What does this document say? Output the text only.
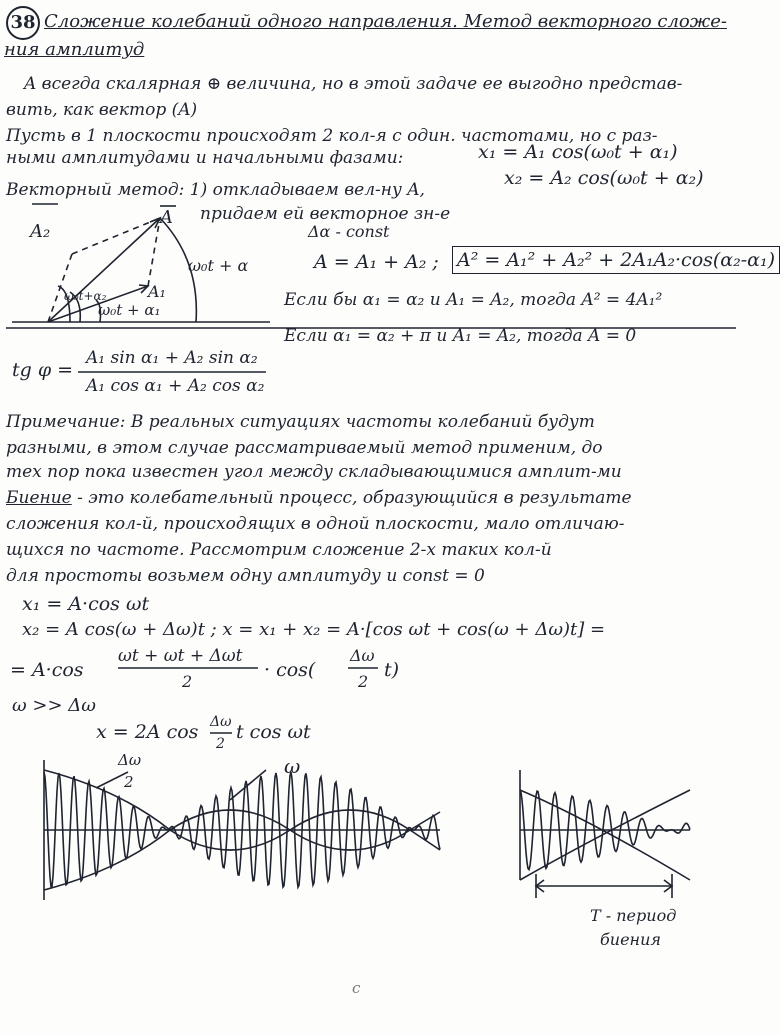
38 Сложение колебаний одного направления. Метод векторного сложе-
ния амплитуд
A всегда скалярная ⊕ величина, но в этой задаче ее выгодно представ-
вить, как вектор (A)
Пусть в 1 плоскости происходят 2 кол-я с один. частотами, но с раз-
ными амплитудами и начальными фазами:	x₁ = A₁ cos(ω₀t + α₁)
x₂ = A₂ cos(ω₀t + α₂)
Векторный метод: 1) откладываем вел-ну A,
придаем ей векторное зн-е
A₂
A
A₁
ω₀t + α
ω₀t+α₂
ω₀t + α₁
Δα - const
A = A₁ + A₂ ; A² = A₁² + A₂² + 2A₁A₂·cos(α₂-α₁)
Если бы α₁ = α₂ и A₁ = A₂, тогда A² = 4A₁²
Если α₁ = α₂ + π и A₁ = A₂, тогда A = 0
tg φ =
A₁ sin α₁ + A₂ sin α₂
A₁ cos α₁ + A₂ cos α₂
Примечание: В реальных ситуациях частоты колебаний будут
разными, в этом случае рассматриваемый метод применим, до
тех пор пока известен угол между складывающимися амплит-ми
Биение - это колебательный процесс, образующийся в результате
сложения кол-й, происходящих в одной плоскости, мало отличаю-
щихся по частоте. Рассмотрим сложение 2-х таких кол-й
для простоты возьмем одну амплитуду и const = 0
x₁ = A·cos ωt
x₂ = A cos(ω + Δω)t ; x = x₁ + x₂ = A·[cos ωt + cos(ω + Δω)t] =
= A·cos
ωt + ωt + Δωt
2
· cos(
Δω
2
t)
ω >> Δω
x = 2A cos Δω
2
t cos ωt
Δω
2
ω
T - период
биения
с
